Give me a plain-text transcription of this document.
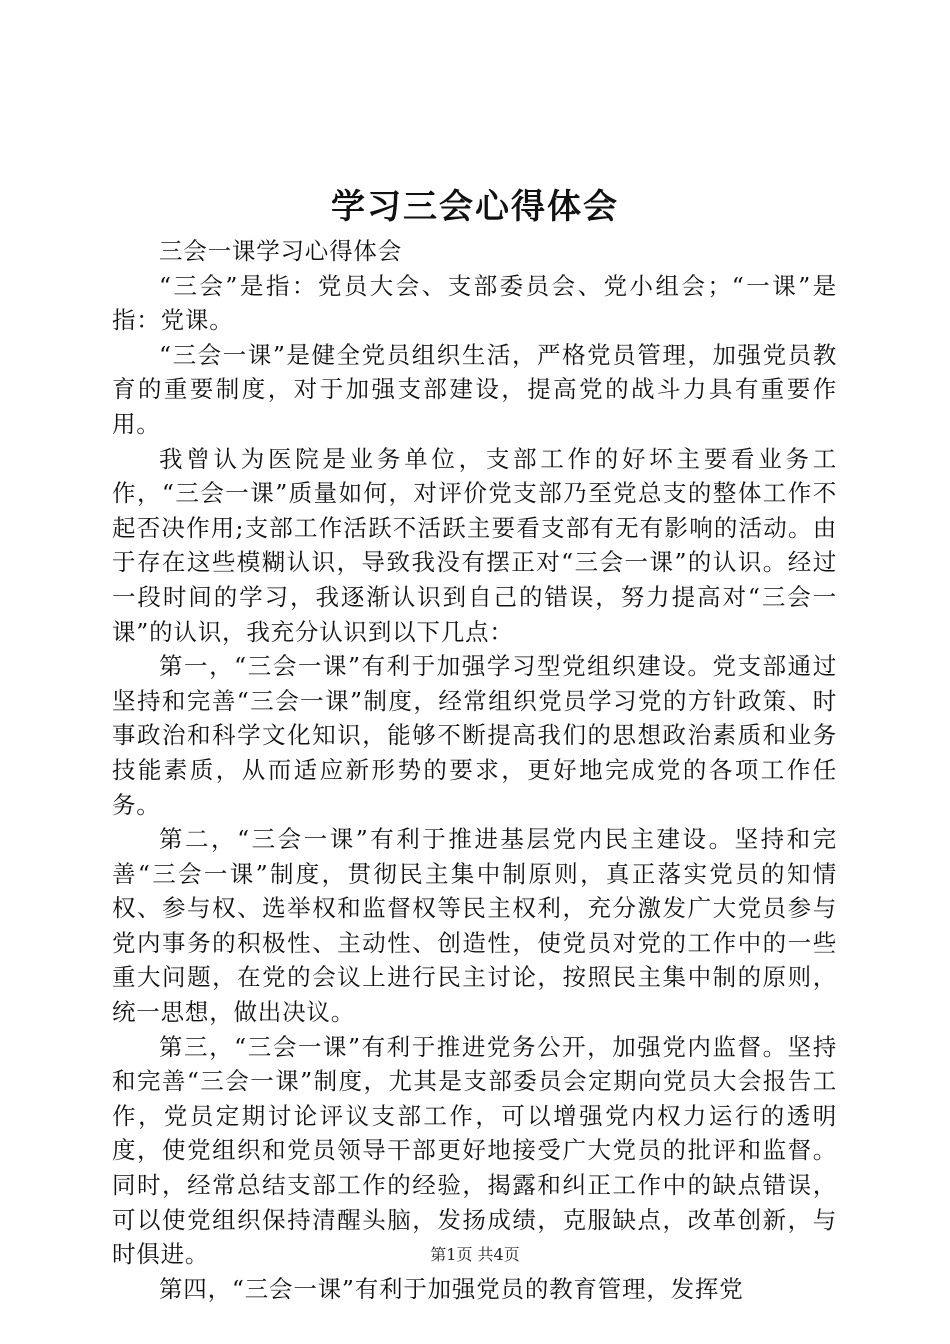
学习三会心得体会

三会一课学习心得体会

“三会”是指：党员大会、支部委员会、党小组会；“一课”是指：党课。

“三会一课”是健全党员组织生活，严格党员管理，加强党员教育的重要制度，对于加强支部建设，提高党的战斗力具有重要作用。

我曾认为医院是业务单位，支部工作的好坏主要看业务工作，“三会一课”质量如何，对评价党支部乃至党总支的整体工作不起否决作用;支部工作活跃不活跃主要看支部有无有影响的活动。由于存在这些模糊认识，导致我没有摆正对“三会一课”的认识。经过一段时间的学习，我逐渐认识到自己的错误，努力提高对“三会一课”的认识，我充分认识到以下几点：

第一，“三会一课”有利于加强学习型党组织建设。党支部通过坚持和完善“三会一课”制度，经常组织党员学习党的方针政策、时事政治和科学文化知识，能够不断提高我们的思想政治素质和业务技能素质，从而适应新形势的要求，更好地完成党的各项工作任务。

第二，“三会一课”有利于推进基层党内民主建设。坚持和完善“三会一课”制度，贯彻民主集中制原则，真正落实党员的知情权、参与权、选举权和监督权等民主权利，充分激发广大党员参与党内事务的积极性、主动性、创造性，使党员对党的工作中的一些重大问题，在党的会议上进行民主讨论，按照民主集中制的原则，统一思想，做出决议。

第三，“三会一课”有利于推进党务公开，加强党内监督。坚持和完善“三会一课”制度，尤其是支部委员会定期向党员大会报告工作，党员定期讨论评议支部工作，可以增强党内权力运行的透明度，使党组织和党员领导干部更好地接受广大党员的批评和监督。同时，经常总结支部工作的经验，揭露和纠正工作中的缺点错误，可以使党组织保持清醒头脑，发扬成绩，克服缺点，改革创新，与时俱进。

第四，“三会一课”有利于加强党员的教育管理，发挥党

第1页 共4页
